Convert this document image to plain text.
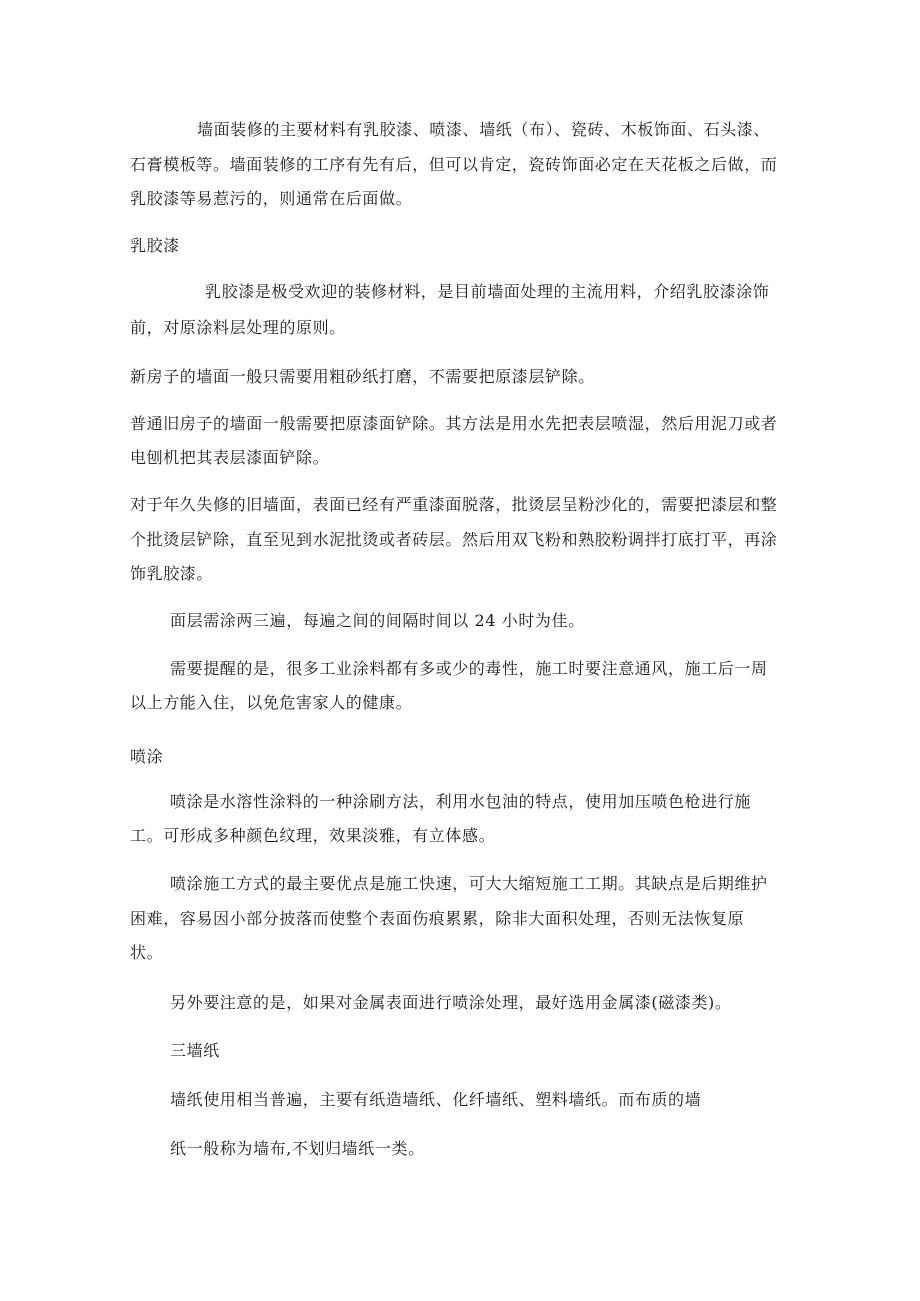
墙面装修的主要材料有乳胶漆、喷漆、墙纸（布）、瓷砖、木板饰面、石头漆、

石膏模板等。墙面装修的工序有先有后，但可以肯定，瓷砖饰面必定在天花板之后做，而

乳胶漆等易惹污的，则通常在后面做。

乳胶漆

乳胶漆是极受欢迎的装修材料，是目前墙面处理的主流用料，介绍乳胶漆涂饰

前，对原涂料层处理的原则。

新房子的墙面一般只需要用粗砂纸打磨，不需要把原漆层铲除。

普通旧房子的墙面一般需要把原漆面铲除。其方法是用水先把表层喷湿，然后用泥刀或者

电刨机把其表层漆面铲除。

对于年久失修的旧墙面，表面已经有严重漆面脱落，批烫层呈粉沙化的，需要把漆层和整

个批烫层铲除，直至见到水泥批烫或者砖层。然后用双飞粉和熟胶粉调拌打底打平，再涂

饰乳胶漆。

面层需涂两三遍，每遍之间的间隔时间以 24 小时为佳。

需要提醒的是，很多工业涂料都有多或少的毒性，施工时要注意通风，施工后一周

以上方能入住，以免危害家人的健康。

喷涂

喷涂是水溶性涂料的一种涂刷方法，利用水包油的特点，使用加压喷色枪进行施

工。可形成多种颜色纹理，效果淡雅，有立体感。

喷涂施工方式的最主要优点是施工快速，可大大缩短施工工期。其缺点是后期维护

困难，容易因小部分披落而使整个表面伤痕累累，除非大面积处理，否则无法恢复原

状。

另外要注意的是，如果对金属表面进行喷涂处理，最好选用金属漆(磁漆类)。

三墙纸

墙纸使用相当普遍，主要有纸造墙纸、化纤墙纸、塑料墙纸。而布质的墙

纸一般称为墙布,不划归墙纸一类。
